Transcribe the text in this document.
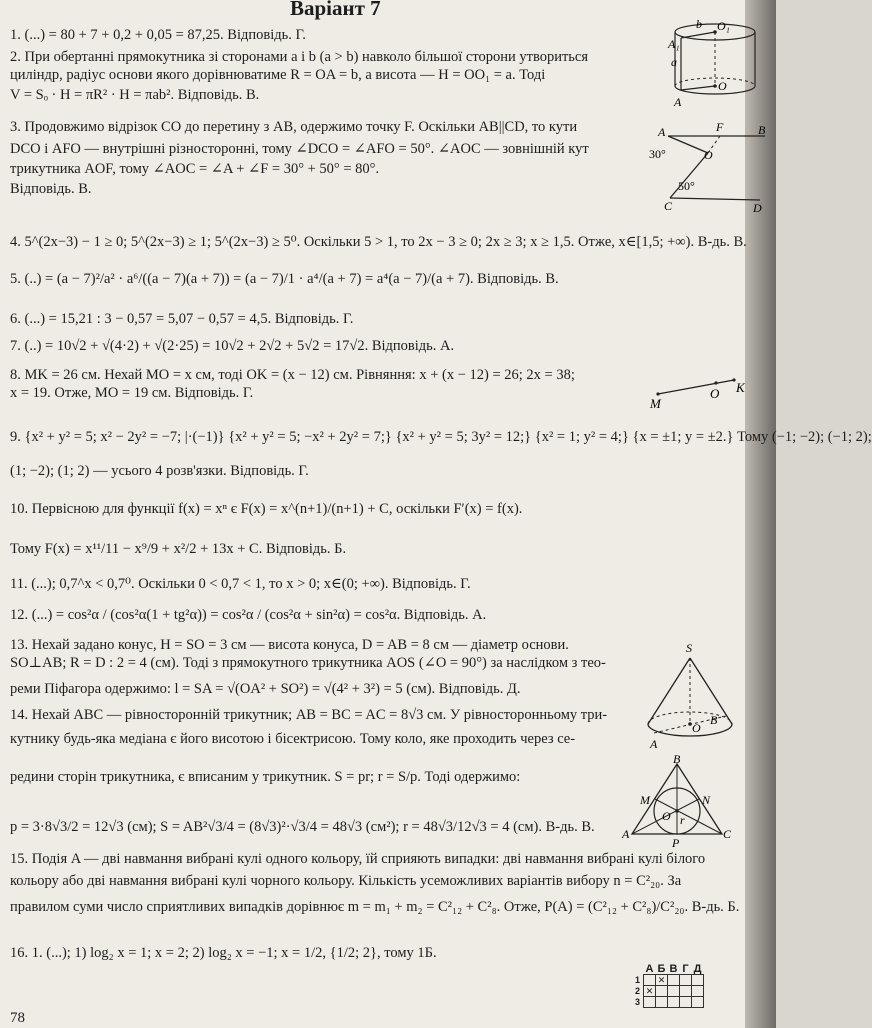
Варіант 7
1. (...) = 80 + 7 + 0,2 + 0,05 = 87,25. Відповідь. Г.
2. При обертанні прямокутника зі сторонами a і b (a > b) навколо більшої сторони утвориться
циліндр, радіус основи якого дорівнюватиме R = OA = b, а висота — H = OO₁ = a. Тоді
V = Sₒ · H = πR² · H = πab². Відповідь. В.
3. Продовжимо відрізок CO до перетину з AB, одержимо точку F. Оскільки AB||CD, то кути
DCO і AFO — внутрішні різносторонні, тому ∠DCO = ∠AFO = 50°. ∠AOC — зовнішній кут
трикутника AOF, тому ∠AOC = ∠A + ∠F = 30° + 50° = 80°.
Відповідь. В.
4. 5^(2x−3) − 1 ≥ 0; 5^(2x−3) ≥ 1; 5^(2x−3) ≥ 5⁰. Оскільки 5 > 1, то 2x − 3 ≥ 0; 2x ≥ 3; x ≥ 1,5. Отже, x∈[1,5; +∞). В-дь. В.
5. (..) = (a − 7)²/a² · a⁶/((a − 7)(a + 7)) = (a − 7)/1 · a⁴/(a + 7) = a⁴(a − 7)/(a + 7). Відповідь. В.
6. (...) = 15,21 : 3 − 0,57 = 5,07 − 0,57 = 4,5. Відповідь. Г.
7. (..) = 10√2 + √(4·2) + √(2·25) = 10√2 + 2√2 + 5√2 = 17√2. Відповідь. А.
8. MK = 26 см. Нехай MO = x см, тоді OK = (x − 12) см. Рівняння: x + (x − 12) = 26; 2x = 38;
x = 19. Отже, MO = 19 см. Відповідь. Г.
9. {x² + y² = 5; x² − 2y² = −7; |·(−1)} {x² + y² = 5; −x² + 2y² = 7;} {x² + y² = 5; 3y² = 12;} {x² = 1; y² = 4;} {x = ±1; y = ±2.} Тому (−1; −2); (−1; 2);
(1; −2); (1; 2) — усього 4 розв'язки. Відповідь. Г.
10. Первісною для функції f(x) = xⁿ є F(x) = x^(n+1)/(n+1) + C, оскільки F′(x) = f(x).
Тому F(x) = x¹¹/11 − x⁹/9 + x²/2 + 13x + C. Відповідь. Б.
11. (...); 0,7^x < 0,7⁰. Оскільки 0 < 0,7 < 1, то x > 0; x∈(0; +∞). Відповідь. Г.
12. (...) = cos²α / (cos²α(1 + tg²α)) = cos²α / (cos²α + sin²α) = cos²α. Відповідь. А.
13. Нехай задано конус, H = SO = 3 см — висота конуса, D = AB = 8 см — діаметр основи.
SO⊥AB; R = D : 2 = 4 (см). Тоді з прямокутного трикутника AOS (∠O = 90°) за наслідком з тео-
реми Піфагора одержимо: l = SA = √(OA² + SO²) = √(4² + 3²) = 5 (см). Відповідь. Д.
14. Нехай ABC — рівносторонній трикутник; AB = BC = AC = 8√3 см. У рівносторонньому три-
кутнику будь-яка медіана є його висотою і бісектрисою. Тому коло, яке проходить через се-
редини сторін трикутника, є вписаним у трикутник. S = pr; r = S/p. Тоді одержимо:
p = 3·8√3/2 = 12√3 (см); S = AB²√3/4 = (8√3)²·√3/4 = 48√3 (см²); r = 48√3/12√3 = 4 (см). В-дь. В.
15. Подія A — дві навмання вибрані кулі одного кольору, їй сприяють випадки: дві навмання вибрані кулі білого
кольору або дві навмання вибрані кулі чорного кольору. Кількість усеможливих варіантів вибору n = C²₂₀. За
правилом суми число сприятливих випадків дорівнює m = m₁ + m₂ = C²₁₂ + C²₈. Отже, P(A) = (C²₁₂ + C²₈)/C²₂₀. В-дь. Б.
16. 1. (...); 1) log₂ x = 1; x = 2; 2) log₂ x = −1; x = 1/2, {1/2; 2}, тому 1Б.
b O₁
A₁
a
O
A
A	F	B
30°	O
50°
C	D
M
O K
S
A
O
B
B
M	N
O r
A
P
C
	А	Б	В	Г	Д
1		✕			
2	✕				
3					
78
